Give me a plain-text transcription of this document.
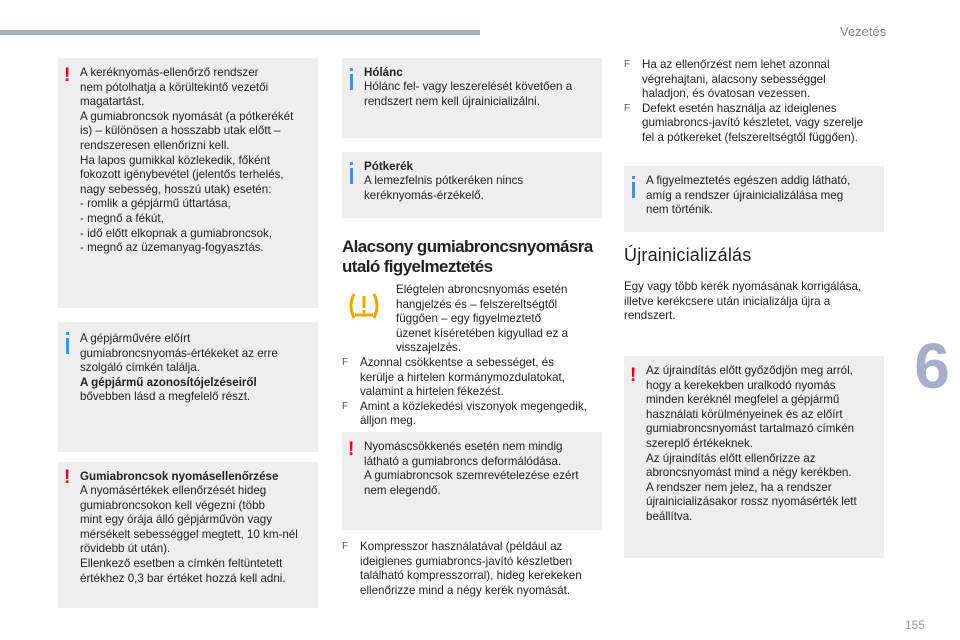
Vezetés
! A keréknyomás-ellenőrző rendszer
nem pótolhatja a körültekintő vezetői
magatartást.
A gumiabroncsok nyomását (a pótkerékét
is) – különösen a hosszabb utak előtt –
rendszeresen ellenőrizni kell.
Ha lapos gumikkal közlekedik, főként
fokozott igénybevétel (jelentős terhelés,
nagy sebesség, hosszú utak) esetén:
- romlik a gépjármű úttartása,
- megnő a fékút,
- idő előtt elkopnak a gumiabroncsok,
- megnő az üzemanyag-fogyasztás.
A gépjárműv​ére előírt
gumiabroncsnyomás-értékeket az erre
szolgáló címkén találja.
A gépjármű azonosítójelzéseiről
bővebben lásd a megfelelő részt.
! Gumiabroncsok nyomásellenőrzése
A nyomásértékek ellenőrzését hideg
gumiabroncsokon kell végezni (több
mint egy órája álló gépjárművön vagy
mérsékelt sebességgel megtett, 10 km-nél
rövidebb út után).
Ellenkező esetben a címkén feltüntetett
értékhez 0,3 bar értéket hozzá kell adni.
Hólánc
Hólánc fel- vagy leszerelését követően a
rendszert nem kell újrainicializálni.
Pótkerék
A lemezfelnis pótkeréken nincs
keréknyomás-érzékelő.
Alacsony gumiabroncsnyomásra
utaló figyelmeztetés
Elégtelen abroncsnyomás esetén
hangjelzés és – felszereltségtől
függően – egy figyelmeztető
üzenet kíséretében kigyullad ez a
visszajelzés.
F Azonnal csökkentse a sebességet, és
kerülje a hirtelen kormánymozdulatokat,
valamint a hirtelen fékezést.
F Amint a közlekedési viszonyok megengedik,
álljon meg.
! Nyomáscsökkenés esetén nem mindig
látható a gumiabroncs deformálódása.
A gumiabroncsok szemrevételezése ezért
nem elegendő.
F Kompresszor használatával (például az
ideiglenes gumiabroncs-javító készletben
található kompresszorral), hideg kerekeken
ellenőrizze mind a négy kerék nyomását.
F Ha az ellenőrzést nem lehet azonnal
végrehajtani, alacsony sebességgel
haladjon, és óvatosan vezessen.
F Defekt esetén használja az ideiglenes
gumiabroncs-javító készletet, vagy szerelje
fel a pótkereket (felszereltségtől függően).
A figyelmeztetés egészen addig látható,
amíg a rendszer újrainicializálása meg
nem történik.
Újrainicializálás
Egy vagy több kerék nyomásának korrigálása,
illetve kerékcsere után inicializálja újra a
rendszert.
! Az újraindítás előtt győződjön meg arról,
hogy a kerekekben uralkodó nyomás
minden keréknél megfelel a gépjármű
használati körülményeinek és az előírt
gumiabroncsnyomást tartalmazó címkén
szereplő értékeknek.
Az újraindítás előtt ellenőrizze az
abroncsnyomást mind a négy kerékben.
A rendszer nem jelez, ha a rendszer
újrainicializásakor rossz nyomásérték lett
beállítva.
6
155
